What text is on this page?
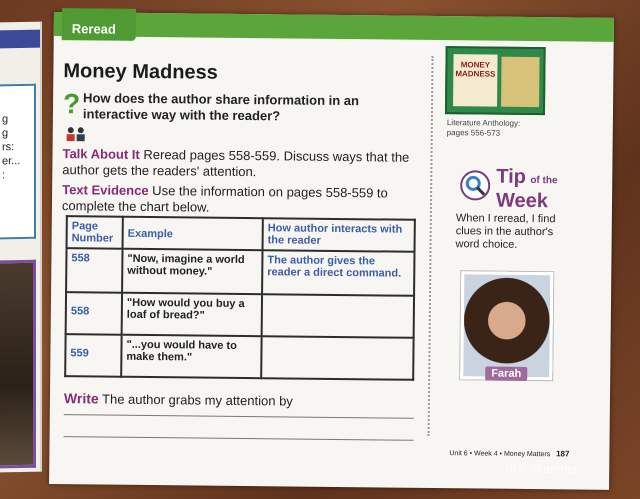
g
g
rs:
er...
:
Reread
Money Madness
? How does the author share information in an interactive way with the reader?
Talk About It Reread pages 558-559. Discuss ways that the author gets the readers' attention.
Text Evidence Use the information on pages 558-559 to complete the chart below.
Page Number	Example	How author interacts with the reader
558	"Now, imagine a world without money."	The author gives the reader a direct command.
558	"How would you buy a loaf of bread?"	
559	"...you would have to make them."	
Write The author grabs my attention by
MONEY MADNESS
Literature Anthology: pages 556-573
Tip of the
Week
When I reread, I find clues in the author's word choice.
Farah
Unit 6 • Week 4 • Money Matters 187
知乎 @archer
